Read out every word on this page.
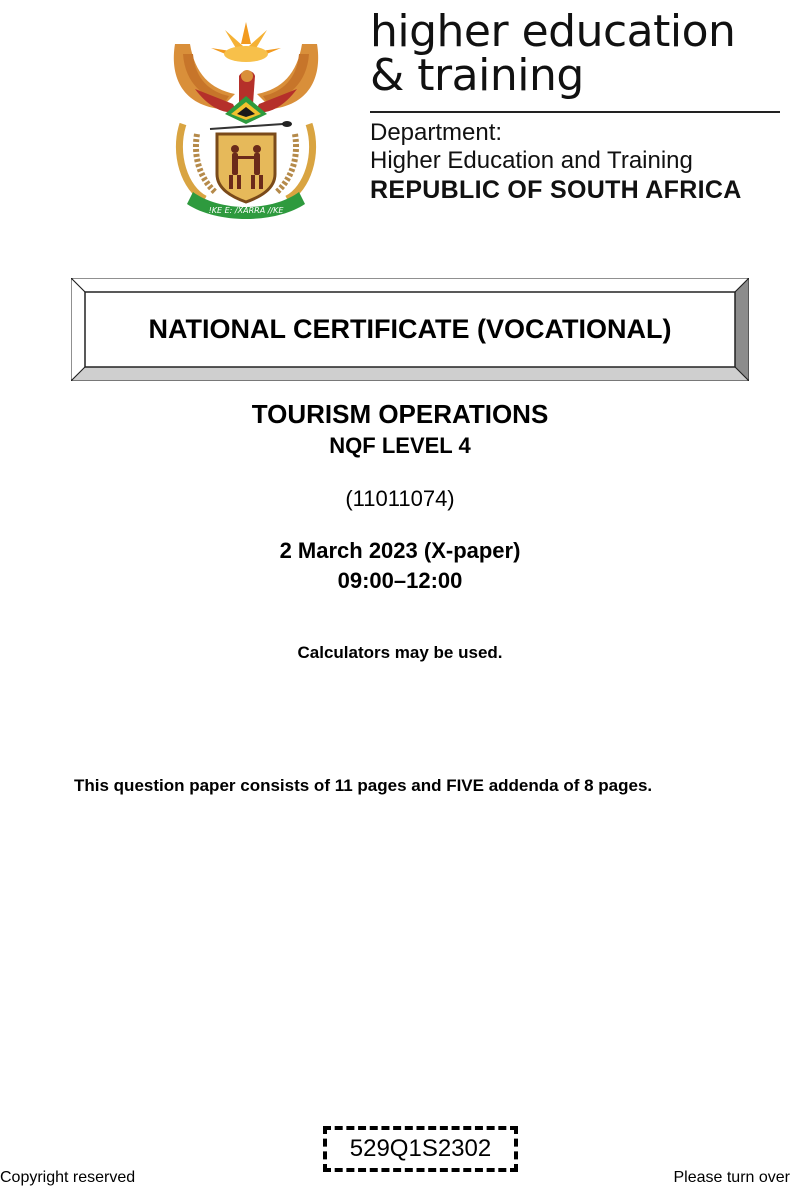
!KE E: /XARRA //KE
higher education
& training
Department:
Higher Education and Training
REPUBLIC OF SOUTH AFRICA
NATIONAL CERTIFICATE (VOCATIONAL)
TOURISM OPERATIONS
NQF LEVEL 4
(11011074)
2 March 2023 (X-paper)
09:00–12:00
Calculators may be used.
This question paper consists of 11 pages and FIVE addenda of 8 pages.
529Q1S2302
Copyright reserved	Please turn over
